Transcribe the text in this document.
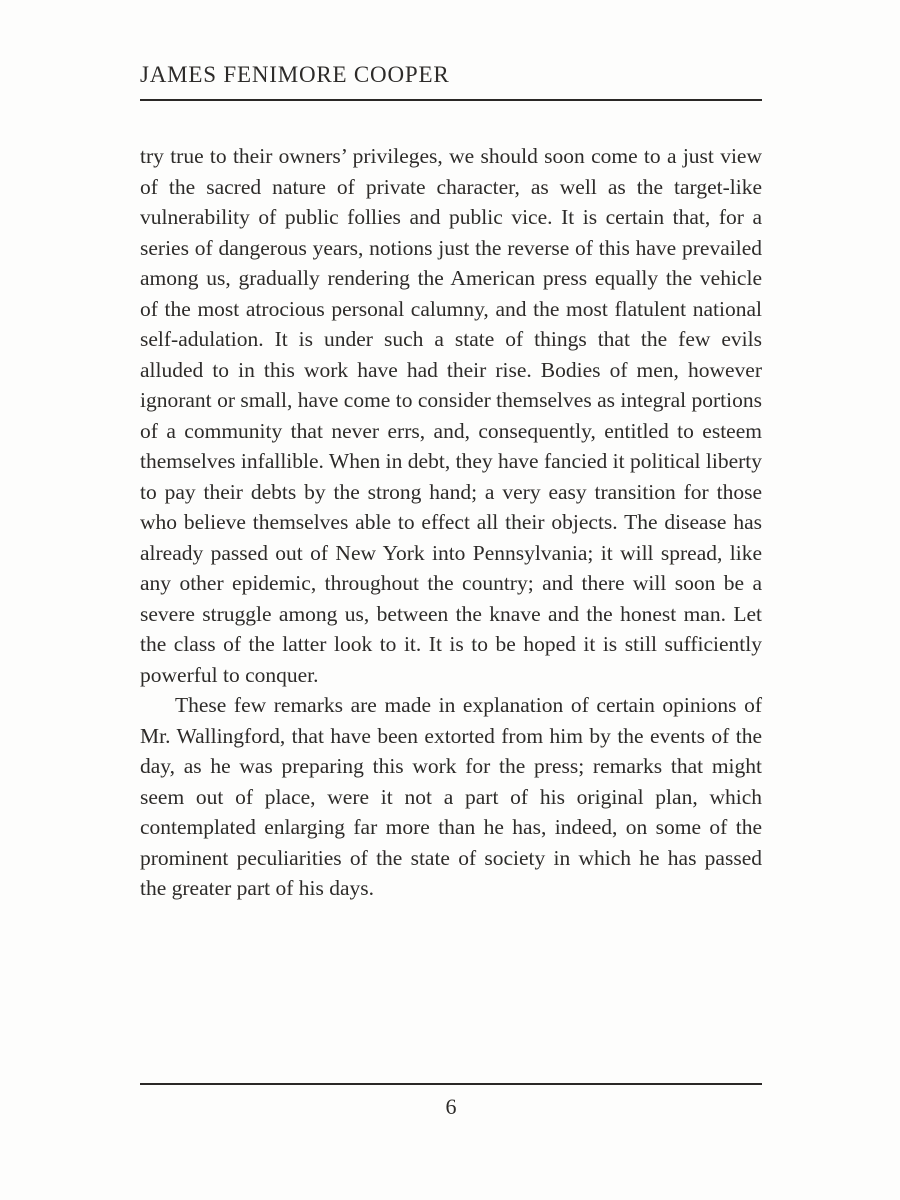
JAMES FENIMORE COOPER

try true to their owners’ privileges, we should soon come to a just view of the sacred nature of private character, as well as the target-like vulnerability of public follies and public vice. It is certain that, for a series of dangerous years, notions just the reverse of this have prevailed among us, gradually rendering the American press equally the vehicle of the most atrocious personal calumny, and the most flatulent national self-adulation. It is under such a state of things that the few evils alluded to in this work have had their rise. Bodies of men, however ignorant or small, have come to consider themselves as integral portions of a community that never errs, and, consequently, entitled to esteem themselves infallible. When in debt, they have fancied it political liberty to pay their debts by the strong hand; a very easy transition for those who believe themselves able to effect all their objects. The disease has already passed out of New York into Pennsylvania; it will spread, like any other epidemic, throughout the country; and there will soon be a severe struggle among us, between the knave and the honest man. Let the class of the latter look to it. It is to be hoped it is still sufficiently powerful to conquer.

These few remarks are made in explanation of certain opinions of Mr. Wallingford, that have been extorted from him by the events of the day, as he was preparing this work for the press; remarks that might seem out of place, were it not a part of his original plan, which contemplated enlarging far more than he has, indeed, on some of the prominent peculiarities of the state of society in which he has passed the greater part of his days.

6
